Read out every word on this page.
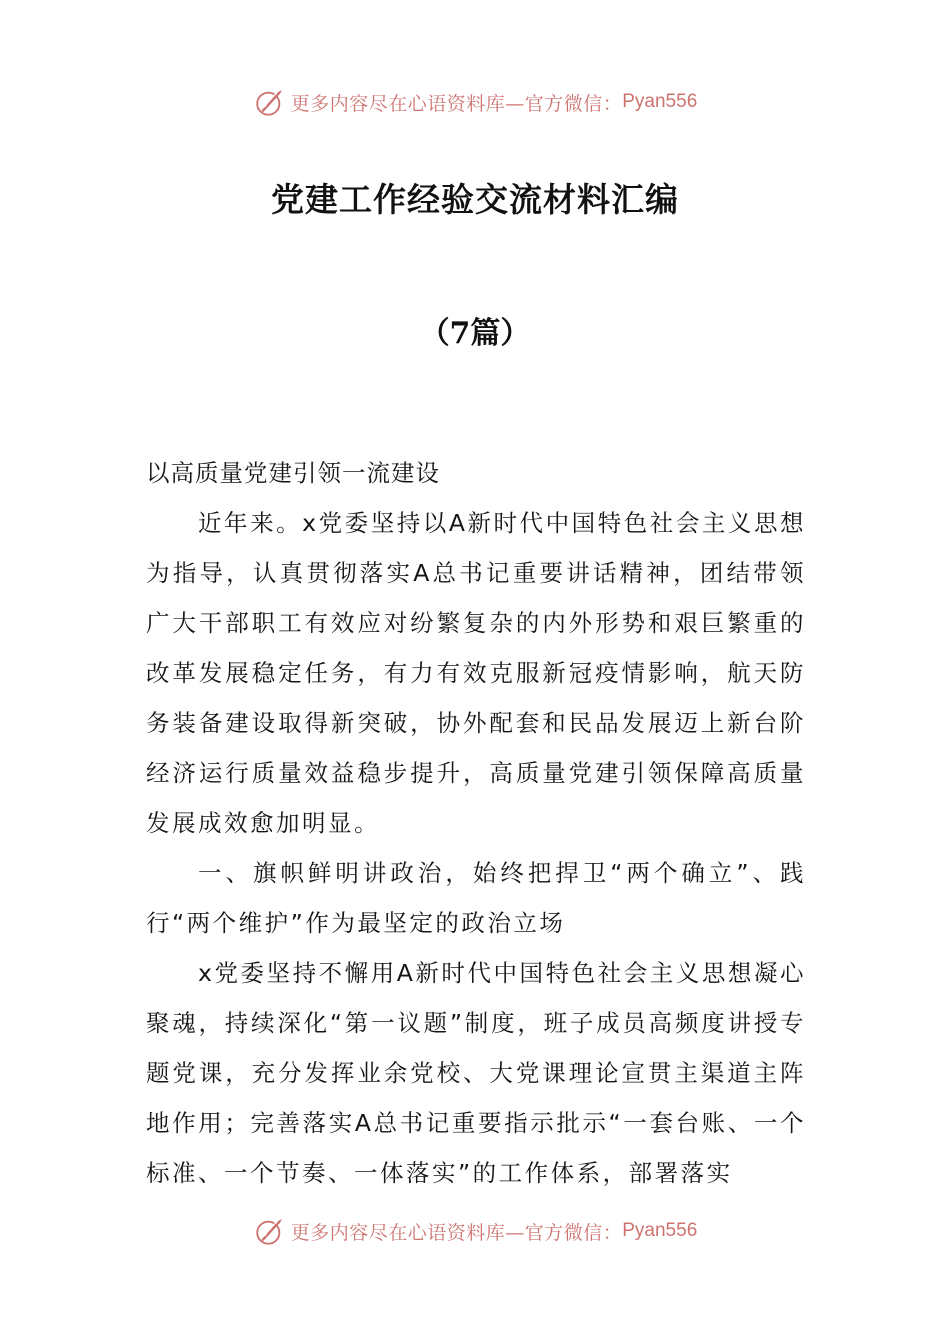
更多内容尽在心语资料库—官方微信： Pyan556
党建工作经验交流材料汇编
（7篇）

以高质量党建引领一流建设

近年来。x党委坚持以A新时代中国特色社会主义思想为指导，认真贯彻落实A总书记重要讲话精神，团结带领广大干部职工有效应对纷繁复杂的内外形势和艰巨繁重的改革发展稳定任务，有力有效克服新冠疫情影响，航天防务装备建设取得新突破，协外配套和民品发展迈上新台阶经济运行质量效益稳步提升，高质量党建引领保障高质量发展成效愈加明显。

一、旗帜鲜明讲政治，始终把捍卫“两个确立”、践行“两个维护”作为最坚定的政治立场

x党委坚持不懈用A新时代中国特色社会主义思想凝心聚魂，持续深化“第一议题”制度，班子成员高频度讲授专题党课，充分发挥业余党校、大党课理论宣贯主渠道主阵地作用；完善落实A总书记重要指示批示“一套台账、一个标准、一个节奏、一体落实”的工作体系，部署落实

更多内容尽在心语资料库—官方微信： Pyan556
